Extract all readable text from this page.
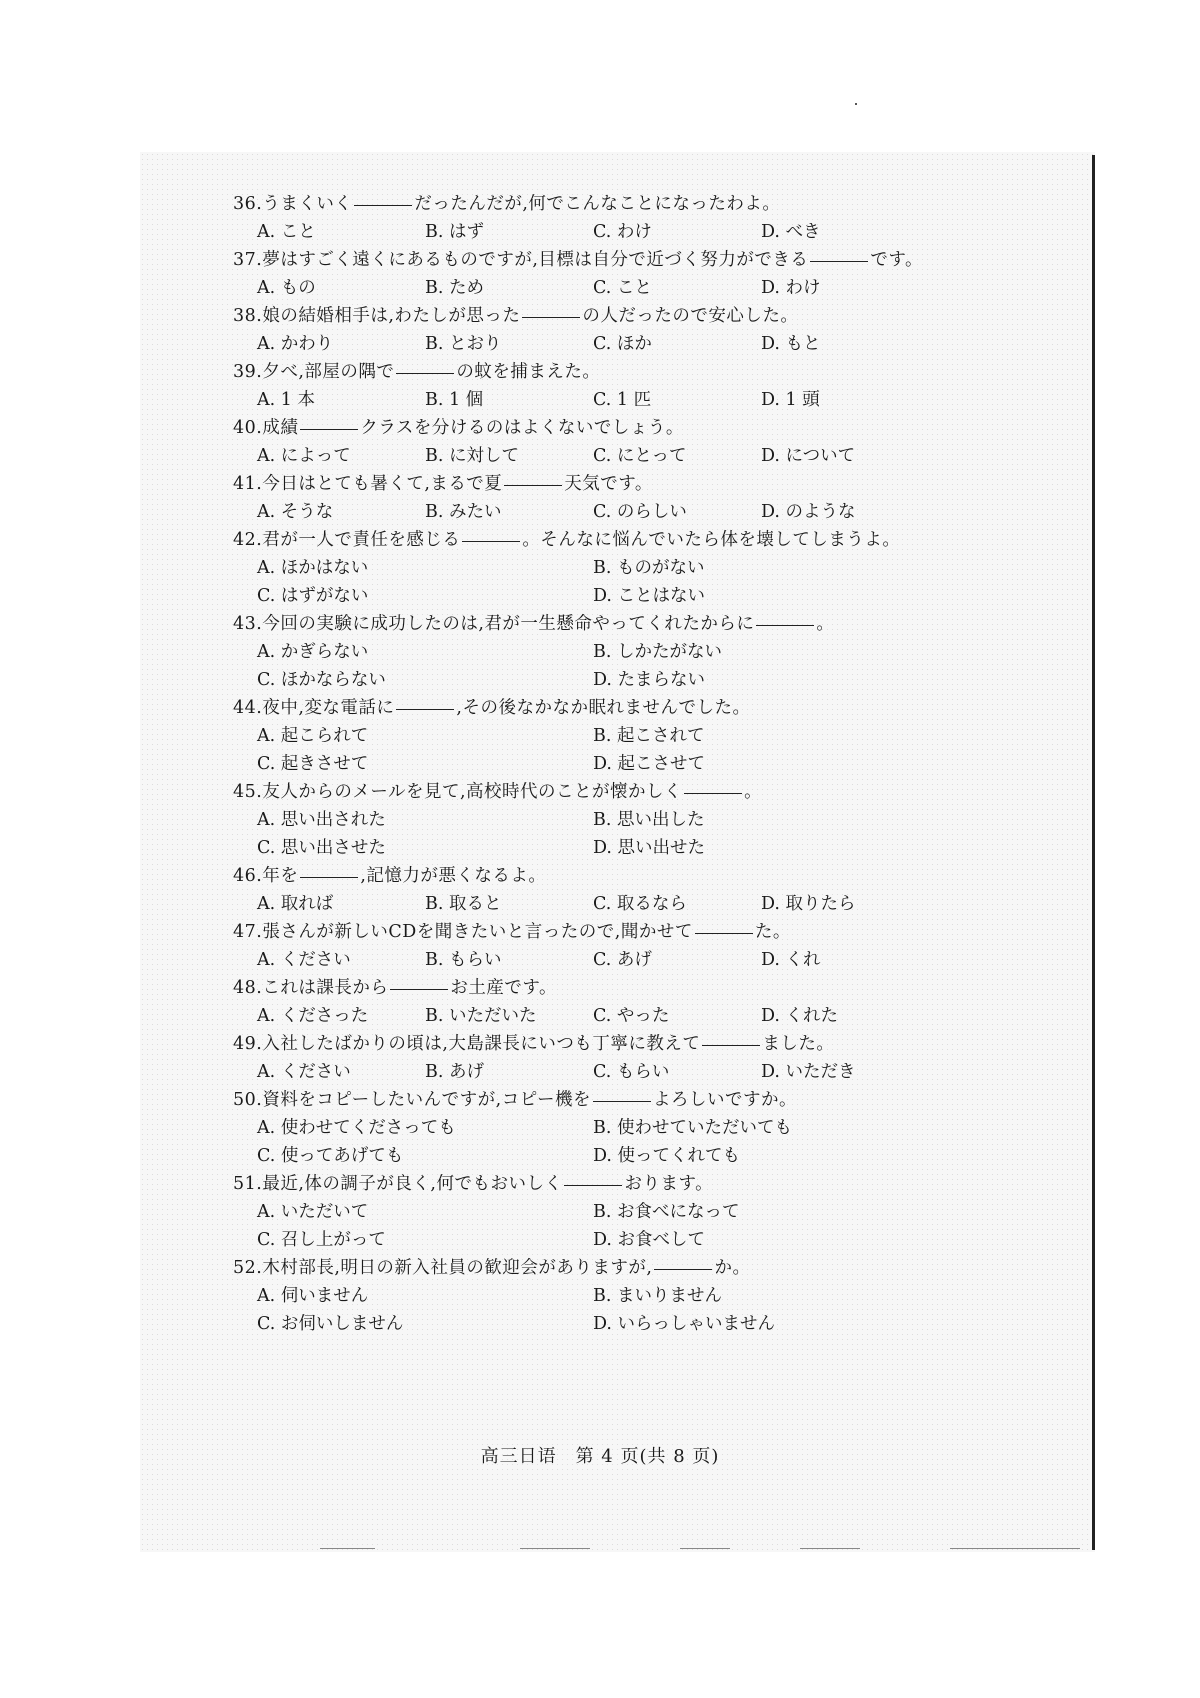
36.うまくいく	だったんだが,何でこんなことになったわよ。
A. こと	B. はず	C. わけ	D. べき
37.夢はすごく遠くにあるものですが,目標は自分で近づく努力ができる	です。
A. もの	B. ため	C. こと	D. わけ
38.娘の結婚相手は,わたしが思った	の人だったので安心した。
A. かわり	B. とおり	C. ほか	D. もと
39.夕べ,部屋の隅で	の蚊を捕まえた。
A. 1 本	B. 1 個	C. 1 匹	D. 1 頭
40.成績	クラスを分けるのはよくないでしょう。
A. によって	B. に対して	C. にとって	D. について
41.今日はとても暑くて,まるで夏	天気です。
A. そうな	B. みたい	C. のらしい	D. のような
42.君が一人で責任を感じる	。そんなに悩んでいたら体を壊してしまうよ。
A. ほかはない	B. ものがない
C. はずがない	D. ことはない
43.今回の実験に成功したのは,君が一生懸命やってくれたからに	。
A. かぎらない	B. しかたがない
C. ほかならない	D. たまらない
44.夜中,変な電話に	,その後なかなか眠れませんでした。
A. 起こられて	B. 起こされて
C. 起きさせて	D. 起こさせて
45.友人からのメールを見て,高校時代のことが懐かしく	。
A. 思い出された	B. 思い出した
C. 思い出させた	D. 思い出せた
46.年を	,記憶力が悪くなるよ。
A. 取れば	B. 取ると	C. 取るなら	D. 取りたら
47.張さんが新しいCDを聞きたいと言ったので,聞かせて	た。
A. ください	B. もらい	C. あげ	D. くれ
48.これは課長から	お土産です。
A. くださった	B. いただいた	C. やった	D. くれた
49.入社したばかりの頃は,大島課長にいつも丁寧に教えて	ました。
A. ください	B. あげ	C. もらい	D. いただき
50.資料をコピーしたいんですが,コピー機を	よろしいですか。
A. 使わせてくださっても	B. 使わせていただいても
C. 使ってあげても	D. 使ってくれても
51.最近,体の調子が良く,何でもおいしく	おります。
A. いただいて	B. お食べになって
C. 召し上がって	D. お食べして
52.木村部長,明日の新入社員の歓迎会がありますが,	か。
A. 伺いません	B. まいりません
C. お伺いしません	D. いらっしゃいません
高三日语　第 4 页(共 8 页)
